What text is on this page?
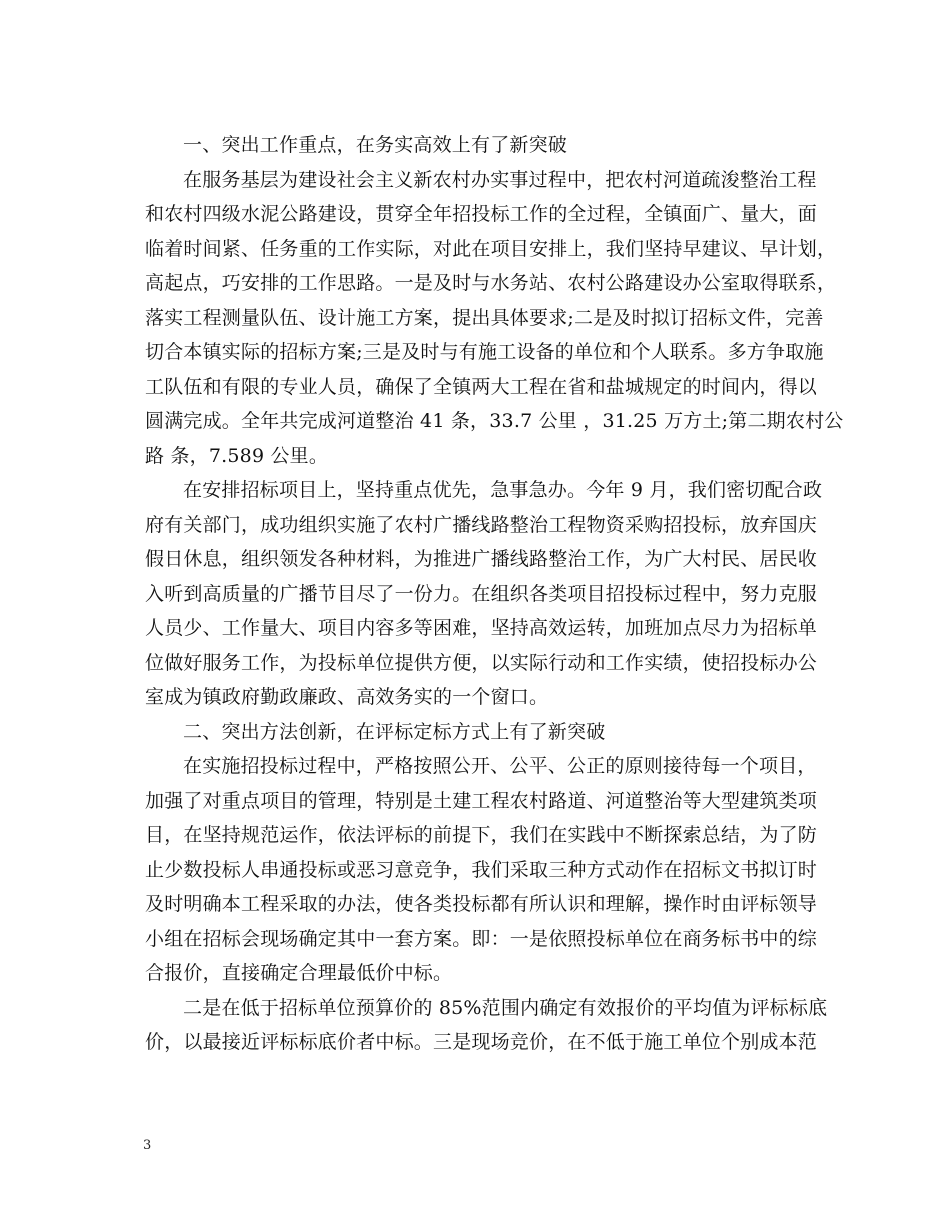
一、突出工作重点，在务实高效上有了新突破

在服务基层为建设社会主义新农村办实事过程中，把农村河道疏浚整治工程
和农村四级水泥公路建设，贯穿全年招投标工作的全过程，全镇面广、量大，面
临着时间紧、任务重的工作实际，对此在项目安排上，我们坚持早建议、早计划，
高起点，巧安排的工作思路。一是及时与水务站、农村公路建设办公室取得联系，
落实工程测量队伍、设计施工方案，提出具体要求;二是及时拟订招标文件，完善
切合本镇实际的招标方案;三是及时与有施工设备的单位和个人联系。多方争取施
工队伍和有限的专业人员，确保了全镇两大工程在省和盐城规定的时间内，得以
圆满完成。全年共完成河道整治 41 条，33.7 公里 ，31.25 万方土;第二期农村公
路 条，7.589 公里。

在安排招标项目上，坚持重点优先，急事急办。今年 9 月，我们密切配合政
府有关部门，成功组织实施了农村广播线路整治工程物资采购招投标，放弃国庆
假日休息，组织领发各种材料，为推进广播线路整治工作，为广大村民、居民收
入听到高质量的广播节目尽了一份力。在组织各类项目招投标过程中，努力克服
人员少、工作量大、项目内容多等困难，坚持高效运转，加班加点尽力为招标单
位做好服务工作，为投标单位提供方便，以实际行动和工作实绩，使招投标办公
室成为镇政府勤政廉政、高效务实的一个窗口。

二、突出方法创新，在评标定标方式上有了新突破

在实施招投标过程中，严格按照公开、公平、公正的原则接待每一个项目，
加强了对重点项目的管理，特别是土建工程农村路道、河道整治等大型建筑类项
目，在坚持规范运作，依法评标的前提下，我们在实践中不断探索总结，为了防
止少数投标人串通投标或恶习意竞争，我们采取三种方式动作在招标文书拟订时
及时明确本工程采取的办法，使各类投标都有所认识和理解，操作时由评标领导
小组在招标会现场确定其中一套方案。即：一是依照投标单位在商务标书中的综
合报价，直接确定合理最低价中标。

二是在低于招标单位预算价的 85%范围内确定有效报价的平均值为评标标底
价，以最接近评标标底价者中标。三是现场竞价，在不低于施工单位个别成本范

3
